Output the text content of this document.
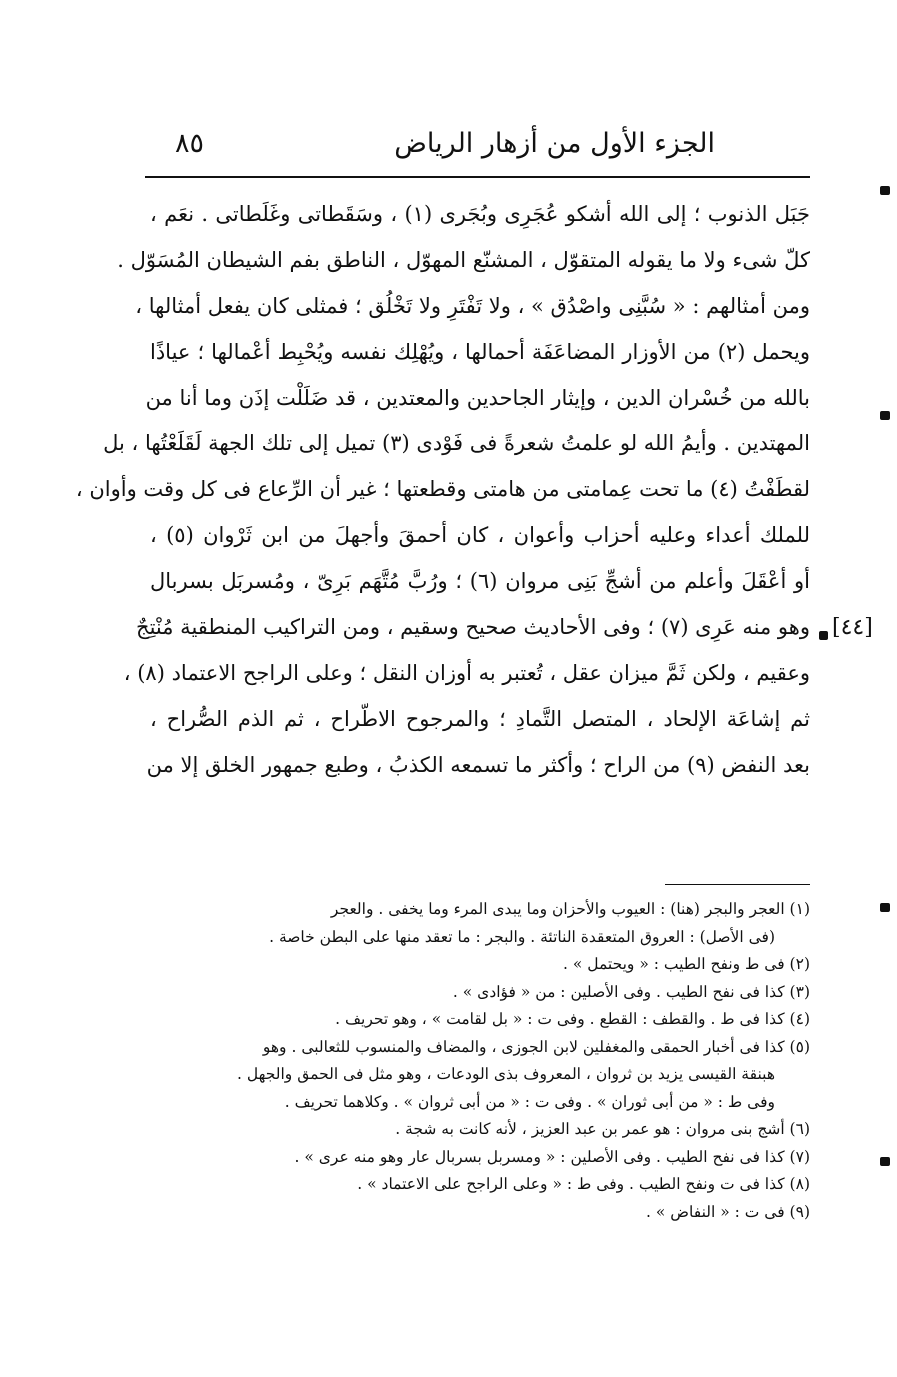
الجزء الأول من أزهار الرياض
٨٥
جَبَل الذنوب ؛ إلى الله أشكو عُجَرِى وبُجَرى (١) ، وسَقَطاتى وغَلَطاتى . نعَم ،
كلّ شىء ولا ما يقوله المتقوّل ، المشنّع المهوّل ، الناطق بفم الشيطان المُسَوّل .
ومن أمثالهم : « سُبَّنِى واصْدُق » ، ولا تَفْتَرِ ولا تَخْلُق ؛ فمثلى كان يفعل أمثالها ،
ويحمل (٢) من الأوزار المضاعَفَة أحمالها ، ويُهْلِك نفسه ويُحْبِط أعْمالها ؛ عياذًا
بالله من خُسْران الدين ، وإيثار الجاحدين والمعتدين ، قد ضَلَلْت إذَن وما أنا من
المهتدين . وأيمُ الله لو علمتُ شعرةً فى فَوْدى (٣) تميل إلى تلك الجهة لَقَلَعْتُها ، بل
لقطَفْتُ (٤) ما تحت عِمامتى من هامتى وقطعتها ؛ غير أن الرِّعاع فى كل وقت وأوان ،
للملك أعداء وعليه أحزاب وأعوان ، كان أحمقَ وأجهلَ من ابن ثَرْوان (٥) ،
أو أعْقَلَ وأعلم من أشجِّ بَنِى مروان (٦) ؛ ورُبَّ مُتَّهَم بَرِىّ ، ومُسربَل بسربال
وهو منه عَرِى (٧) ؛ وفى الأحاديث صحيح وسقيم ، ومن التراكيب المنطقية مُنْتِجٌ
وعقيم ، ولكن ثَمَّ ميزان عقل ، تُعتبر به أوزان النقل ؛ وعلى الراجح الاعتماد (٨) ،
ثم إشاعَة الإلحاد ، المتصل التَّمادِ ؛ والمرجوح الاطّراح ، ثم الذم الصُّراح ،
بعد النفض (٩) من الراح ؛ وأكثر ما تسمعه الكذبُ ، وطبع جمهور الخلق إلا من
[٤٤]
(١) العجر والبجر (هنا) : العيوب والأحزان وما يبدى المرء وما يخفى . والعجر
(فى الأصل) : العروق المتعقدة الناتئة . والبجر : ما تعقد منها على البطن خاصة .
(٢) فى ط ونفح الطيب : « ويحتمل » .
(٣) كذا فى نفح الطيب . وفى الأصلين : من « فؤادى » .
(٤) كذا فى ط . والقطف : القطع . وفى ت : « بل لقامت » ، وهو تحريف .
(٥) كذا فى أخبار الحمقى والمغفلين لابن الجوزى ، والمضاف والمنسوب للثعالبى . وهو
هبنقة القيسى يزيد بن ثروان ، المعروف بذى الودعات ، وهو مثل فى الحمق والجهل .
وفى ط : « من أبى ثوران » . وفى ت : « من أبى ثروان » . وكلاهما تحريف .
(٦) أشج بنى مروان : هو عمر بن عبد العزيز ، لأنه كانت به شجة .
(٧) كذا فى نفح الطيب . وفى الأصلين : « ومسربل بسربال عار وهو منه عرى » .
(٨) كذا فى ت ونفح الطيب . وفى ط : « وعلى الراجح على الاعتماد » .
(٩) فى ت : « النفاض » .
